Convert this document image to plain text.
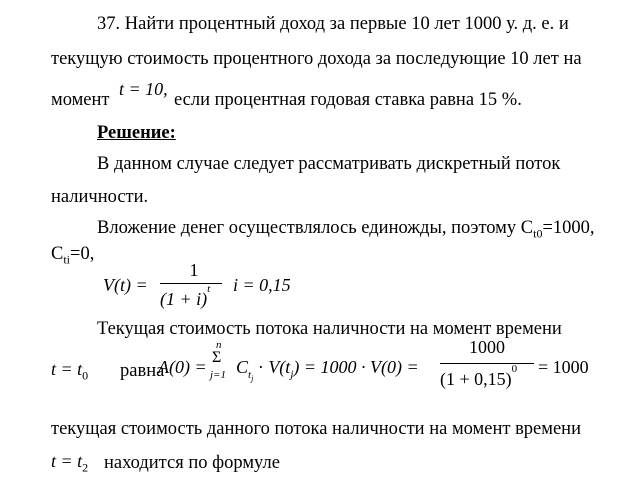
37. Найти процентный доход за первые 10 лет 1000 у. д. е. и
текущую стоимость процентного дохода за последующие 10 лет на
момент
t = 10,
если процентная годовая ставка равна 15 %.
Решение:
В данном случае следует рассматривать дискретный поток
наличности.
Вложение денег осуществлялось единожды, поэтому $C_{t0}=1000$,
$C_{ti}=0$,
V(t) =
1
$(1 + i)^t$ i = 0,15
Текущая стоимость потока наличности на момент времени
$t = t_0$ равна
A(0) =
n
Σ
j=1 $C_{t_j} \cdot V(t_j) = 1000 \cdot V(0)$ =
1000
$(1 + 0,15)^0 = 1000$
текущая стоимость данного потока наличности на момент времени
$t = t_2$ находится по формуле
